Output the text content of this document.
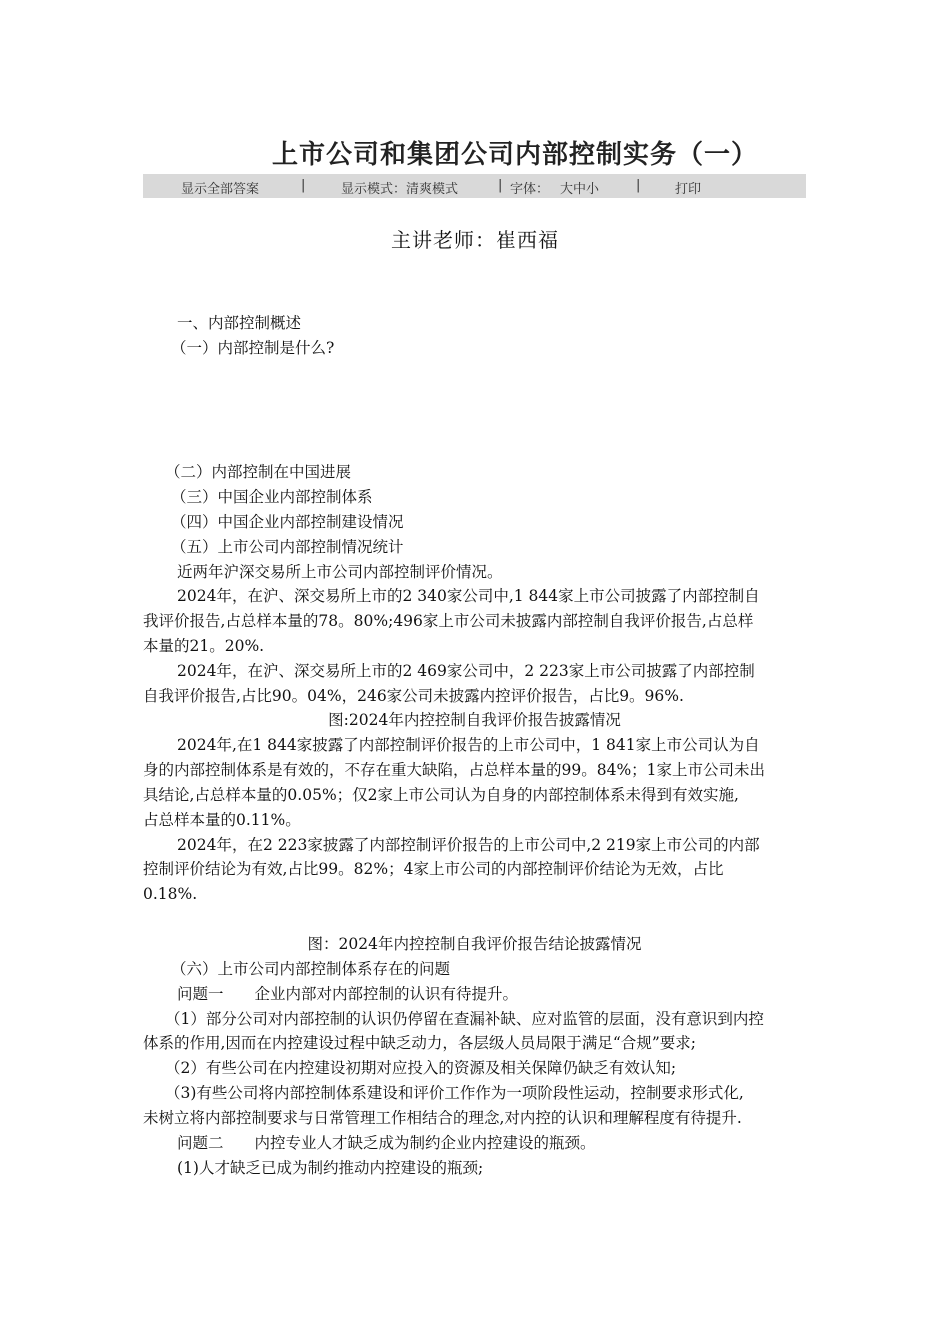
上市公司和集团公司内部控制实务（一）
显示全部答案	|	显示模式：清爽模式	| 字体： 大中小	|	打印
主讲老师：崔西福
一、内部控制概述
（一）内部控制是什么?
（二）内部控制在中国进展
（三）中国企业内部控制体系
（四）中国企业内部控制建设情况
（五）上市公司内部控制情况统计
近两年沪深交易所上市公司内部控制评价情况。
2024年，在沪、深交易所上市的2 340家公司中,1 844家上市公司披露了内部控制自
我评价报告,占总样本量的78。80%;496家上市公司未披露内部控制自我评价报告,占总样
本量的21。20%.
2024年，在沪、深交易所上市的2 469家公司中，2 223家上市公司披露了内部控制
自我评价报告,占比90。04%，246家公司未披露内控评价报告，占比9。96%.
图:2024年内控控制自我评价报告披露情况
2024年,在1 844家披露了内部控制评价报告的上市公司中，1 841家上市公司认为自
身的内部控制体系是有效的，不存在重大缺陷，占总样本量的99。84%；1家上市公司未出
具结论,占总样本量的0.05%；仅2家上市公司认为自身的内部控制体系未得到有效实施,
占总样本量的0.11%。
2024年，在2 223家披露了内部控制评价报告的上市公司中,2 219家上市公司的内部
控制评价结论为有效,占比99。82%；4家上市公司的内部控制评价结论为无效，占比
0.18%.
图：2024年内控控制自我评价报告结论披露情况
（六）上市公司内部控制体系存在的问题
问题一　　企业内部对内部控制的认识有待提升。
（1）部分公司对内部控制的认识仍停留在查漏补缺、应对监管的层面，没有意识到内控
体系的作用,因而在内控建设过程中缺乏动力，各层级人员局限于满足“合规”要求;
（2）有些公司在内控建设初期对应投入的资源及相关保障仍缺乏有效认知;
（3)有些公司将内部控制体系建设和评价工作作为一项阶段性运动，控制要求形式化,
未树立将内部控制要求与日常管理工作相结合的理念,对内控的认识和理解程度有待提升.
问题二　　内控专业人才缺乏成为制约企业内控建设的瓶颈。
(1)人才缺乏已成为制约推动内控建设的瓶颈;
